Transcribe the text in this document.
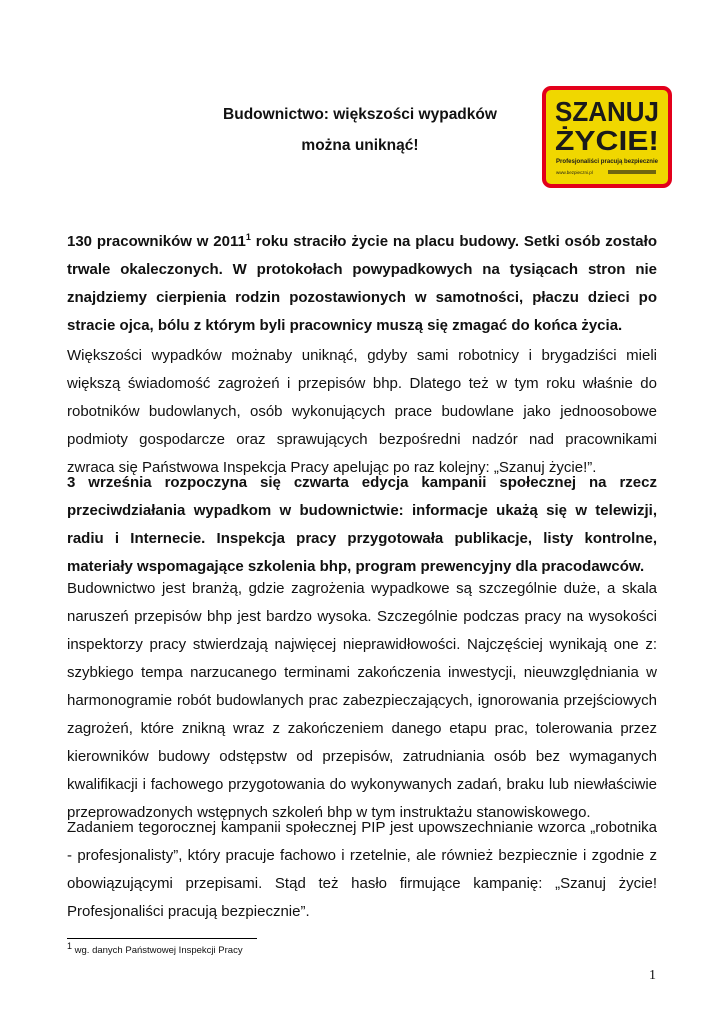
Budownictwo: większości wypadków
można uniknąć!
SZANUJ
ŻYCIE!
Profesjonaliści pracują bezpiecznie
www.bezpieczni.pl

130 pracowników w 2011$^1$ roku straciło życie na placu budowy. Setki osób zostało trwale okaleczonych. W protokołach powypadkowych na tysiącach stron nie znajdziemy cierpienia rodzin pozostawionych w samotności, płaczu dzieci po stracie ojca, bólu z którym byli pracownicy muszą się zmagać do końca życia.

Większości wypadków możnaby uniknąć, gdyby sami robotnicy i brygadziści mieli większą świadomość zagrożeń i przepisów bhp. Dlatego też w tym roku właśnie do robotników budowlanych, osób wykonujących prace budowlane jako jednoosobowe podmioty gospodarcze oraz sprawujących bezpośredni nadzór nad pracownikami zwraca się Państwowa Inspekcja Pracy apelując po raz kolejny: „Szanuj życie!”.

3 września rozpoczyna się czwarta edycja kampanii społecznej na rzecz przeciwdziałania wypadkom w budownictwie: informacje ukażą się w telewizji, radiu i Internecie. Inspekcja pracy przygotowała publikacje, listy kontrolne, materiały wspomagające szkolenia bhp, program prewencyjny dla pracodawców.

Budownictwo jest branżą, gdzie zagrożenia wypadkowe są szczególnie duże, a skala naruszeń przepisów bhp jest bardzo wysoka. Szczególnie podczas pracy na wysokości inspektorzy pracy stwierdzają najwięcej nieprawidłowości. Najczęściej wynikają one z: szybkiego tempa narzucanego terminami zakończenia inwestycji, nieuwzględniania w harmonogramie robót budowlanych prac zabezpieczających, ignorowania przejściowych zagrożeń, które znikną wraz z zakończeniem danego etapu prac, tolerowania przez kierowników budowy odstępstw od przepisów, zatrudniania osób bez wymaganych kwalifikacji i fachowego przygotowania do wykonywanych zadań, braku lub niewłaściwie przeprowadzonych wstępnych szkoleń bhp w tym instruktażu stanowiskowego.

Zadaniem tegorocznej kampanii społecznej PIP jest upowszechnianie wzorca „robotnika - profesjonalisty”, który pracuje fachowo i rzetelnie, ale również bezpiecznie i zgodnie z obowiązującymi przepisami. Stąd też hasło firmujące kampanię: „Szanuj życie! Profesjonaliści pracują bezpiecznie”.

$^1$ wg. danych Państwowej Inspekcji Pracy
1
